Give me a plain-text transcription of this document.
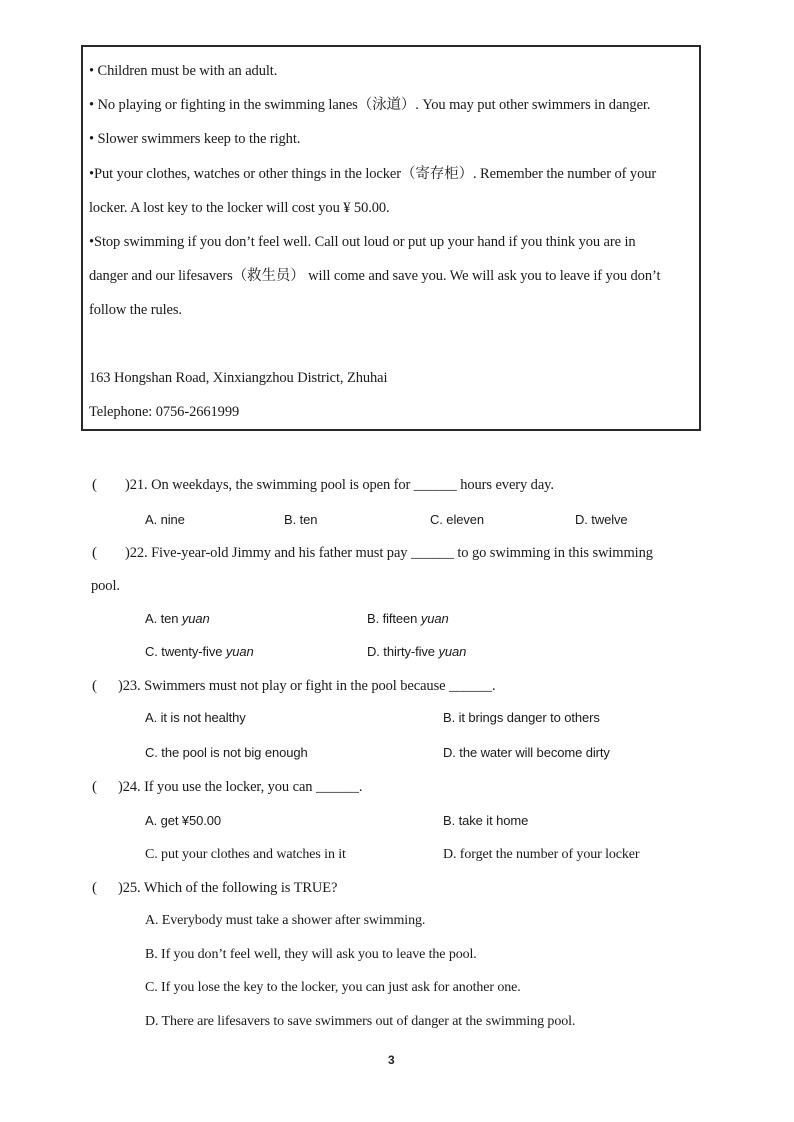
• Children must be with an adult.
• No playing or fighting in the swimming lanes（泳道）. You may put other swimmers in danger.
• Slower swimmers keep to the right.
•Put your clothes, watches or other things in the locker（寄存柜）. Remember the number of your
locker. A lost key to the locker will cost you ¥ 50.00.
•Stop swimming if you don’t feel well. Call out loud or put up your hand if you think you are in
danger and our lifesavers（救生员） will come and save you. We will ask you to leave if you don’t
follow the rules.
163 Hongshan Road, Xinxiangzhou District, Zhuhai
Telephone: 0756-2661999
( )21. On weekdays, the swimming pool is open for ______ hours every day.
A. nine	B. ten	C. eleven	D. twelve
( )22. Five-year-old Jimmy and his father must pay ______ to go swimming in this swimming
pool.
A. ten yuan	B. fifteen yuan
C. twenty-five yuan	D. thirty-five yuan
( )23. Swimmers must not play or fight in the pool because ______.
A. it is not healthy	B. it brings danger to others
C. the pool is not big enough	D. the water will become dirty
( )24. If you use the locker, you can ______.
A. get ¥50.00	B. take it home
C. put your clothes and watches in it	D. forget the number of your locker
( )25. Which of the following is TRUE?
A. Everybody must take a shower after swimming.
B. If you don’t feel well, they will ask you to leave the pool.
C. If you lose the key to the locker, you can just ask for another one.
D. There are lifesavers to save swimmers out of danger at the swimming pool.
3
